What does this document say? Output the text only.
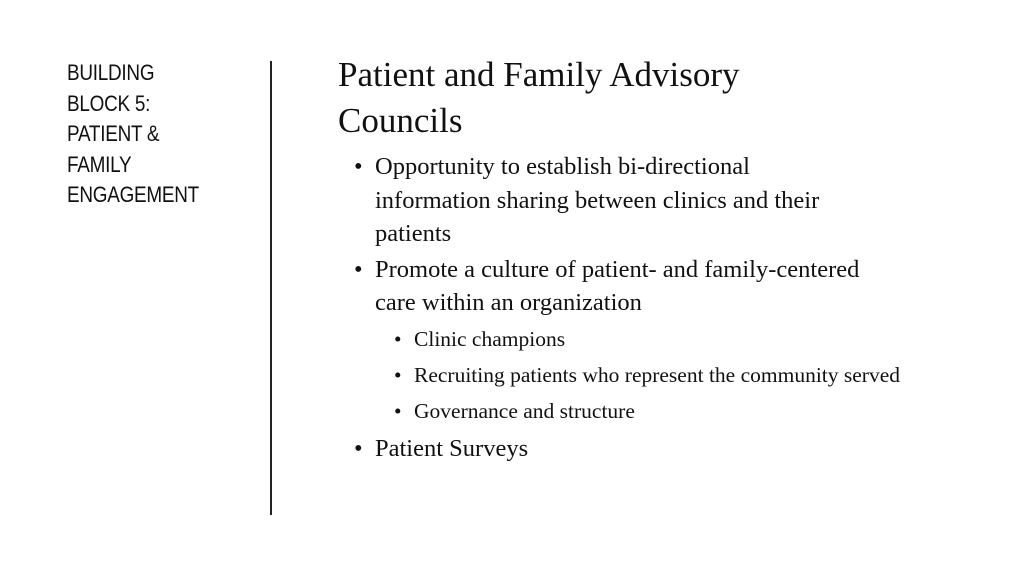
BUILDING
BLOCK 5:
PATIENT &
FAMILY
ENGAGEMENT
Patient and Family Advisory Councils
• Opportunity to establish bi-directional information sharing between clinics and their patients
• Promote a culture of patient- and family-centered care within an organization
• Clinic champions
• Recruiting patients who represent the community served
• Governance and structure
• Patient Surveys
